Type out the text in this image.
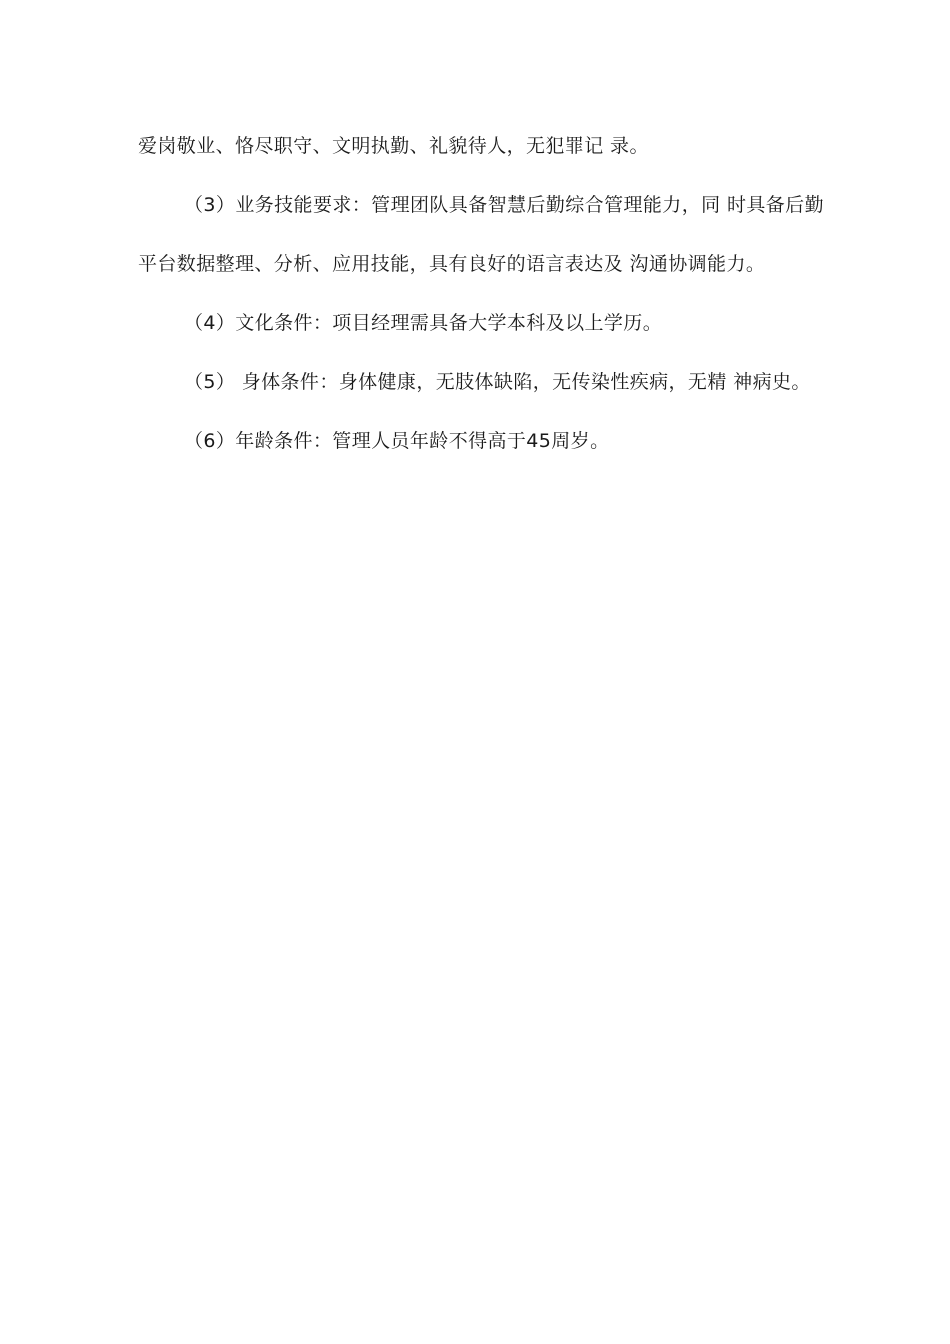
爱岗敬业、恪尽职守、文明执勤、礼貌待人，无犯罪记 录。

（3）业务技能要求：管理团队具备智慧后勤综合管理能力，同 时具备后勤平台数据整理、分析、应用技能，具有良好的语言表达及 沟通协调能力。

（4）文化条件：项目经理需具备大学本科及以上学历。

（5） 身体条件：身体健康，无肢体缺陷，无传染性疾病，无精 神病史。

（6）年龄条件：管理人员年龄不得高于45周岁。
